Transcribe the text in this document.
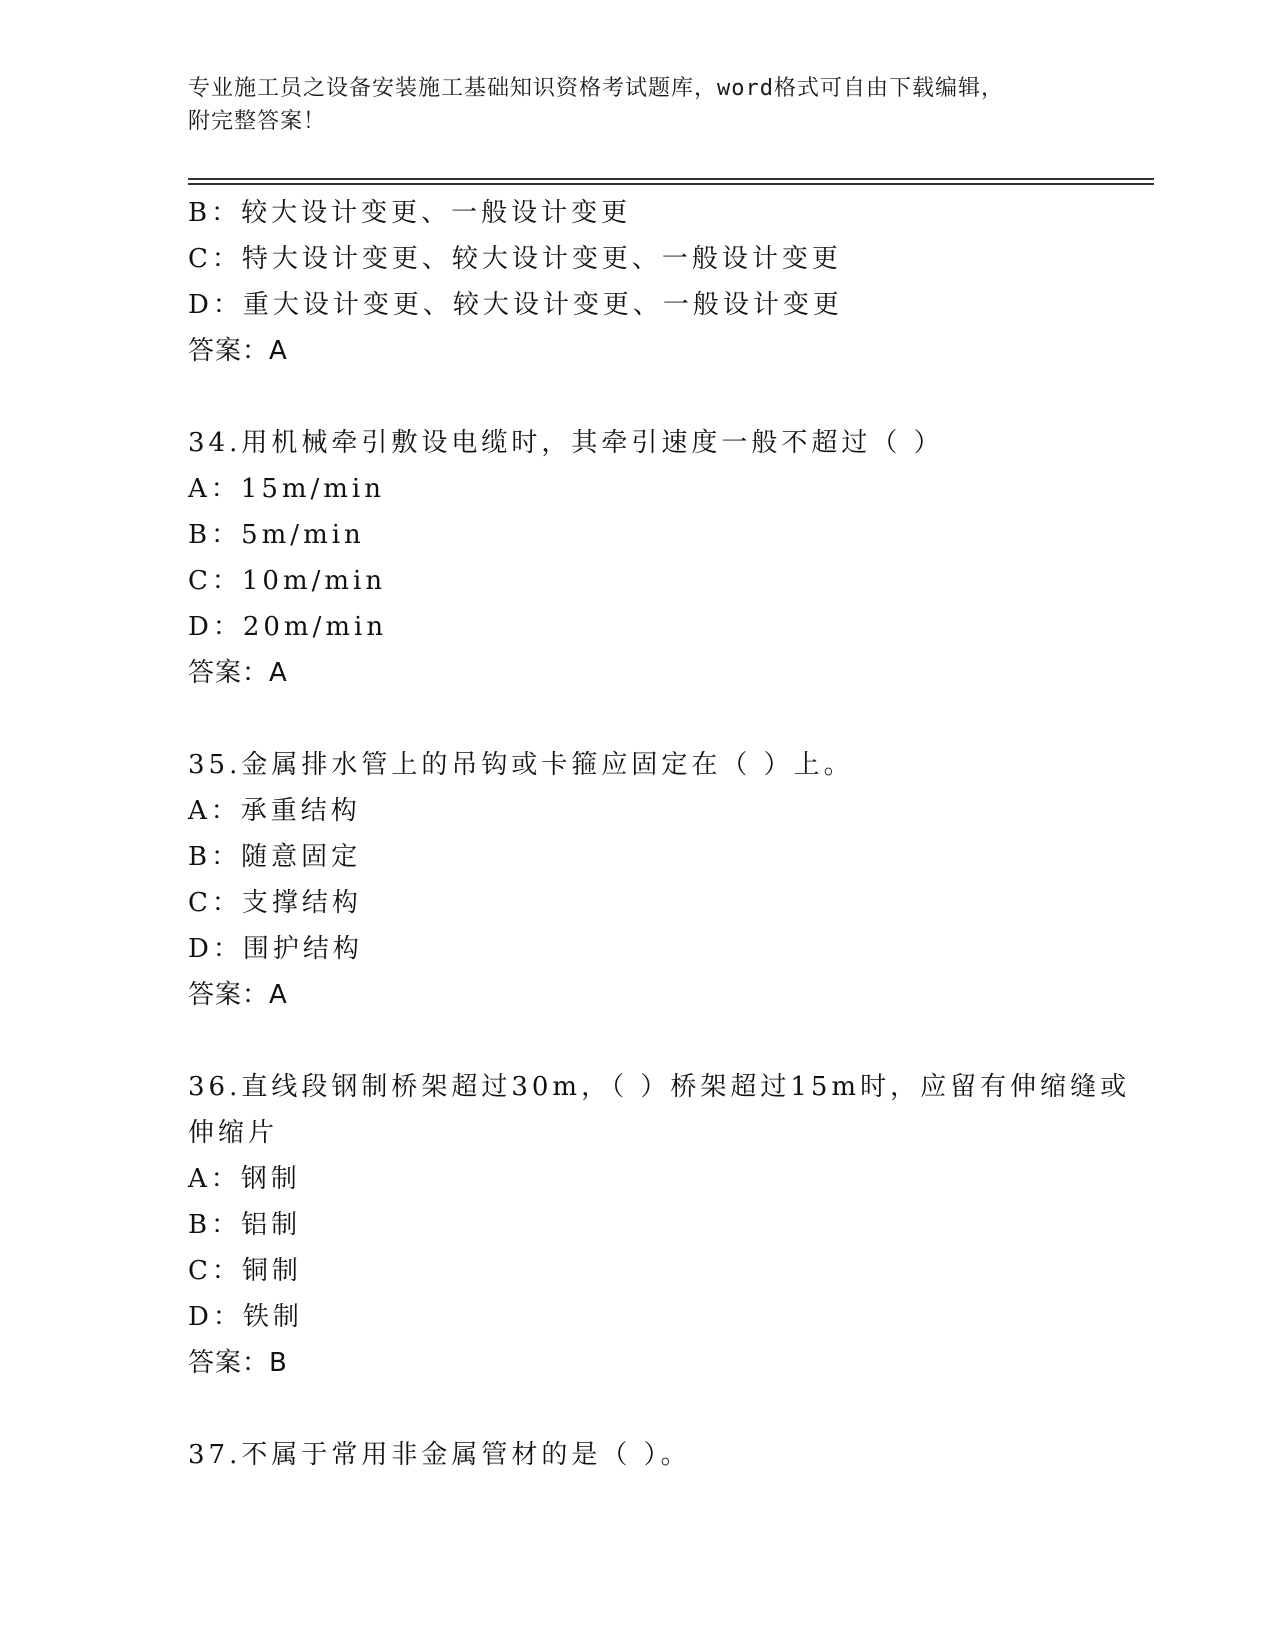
专业施工员之设备安装施工基础知识资格考试题库，word格式可自由下载编辑，
附完整答案！
B：较大设计变更、一般设计变更
C：特大设计变更、较大设计变更、一般设计变更
D：重大设计变更、较大设计变更、一般设计变更
答案：A
34.用机械牵引敷设电缆时，其牵引速度一般不超过（ ）
A：15m/min
B：5m/min
C：10m/min
D：20m/min
答案：A
35.金属排水管上的吊钩或卡箍应固定在（ ）上。
A：承重结构
B：随意固定
C：支撑结构
D：围护结构
答案：A
36.直线段钢制桥架超过30m，（ ）桥架超过15m时，应留有伸缩缝或
伸缩片
A：钢制
B：铝制
C：铜制
D：铁制
答案：B
37.不属于常用非金属管材的是（ ）。
